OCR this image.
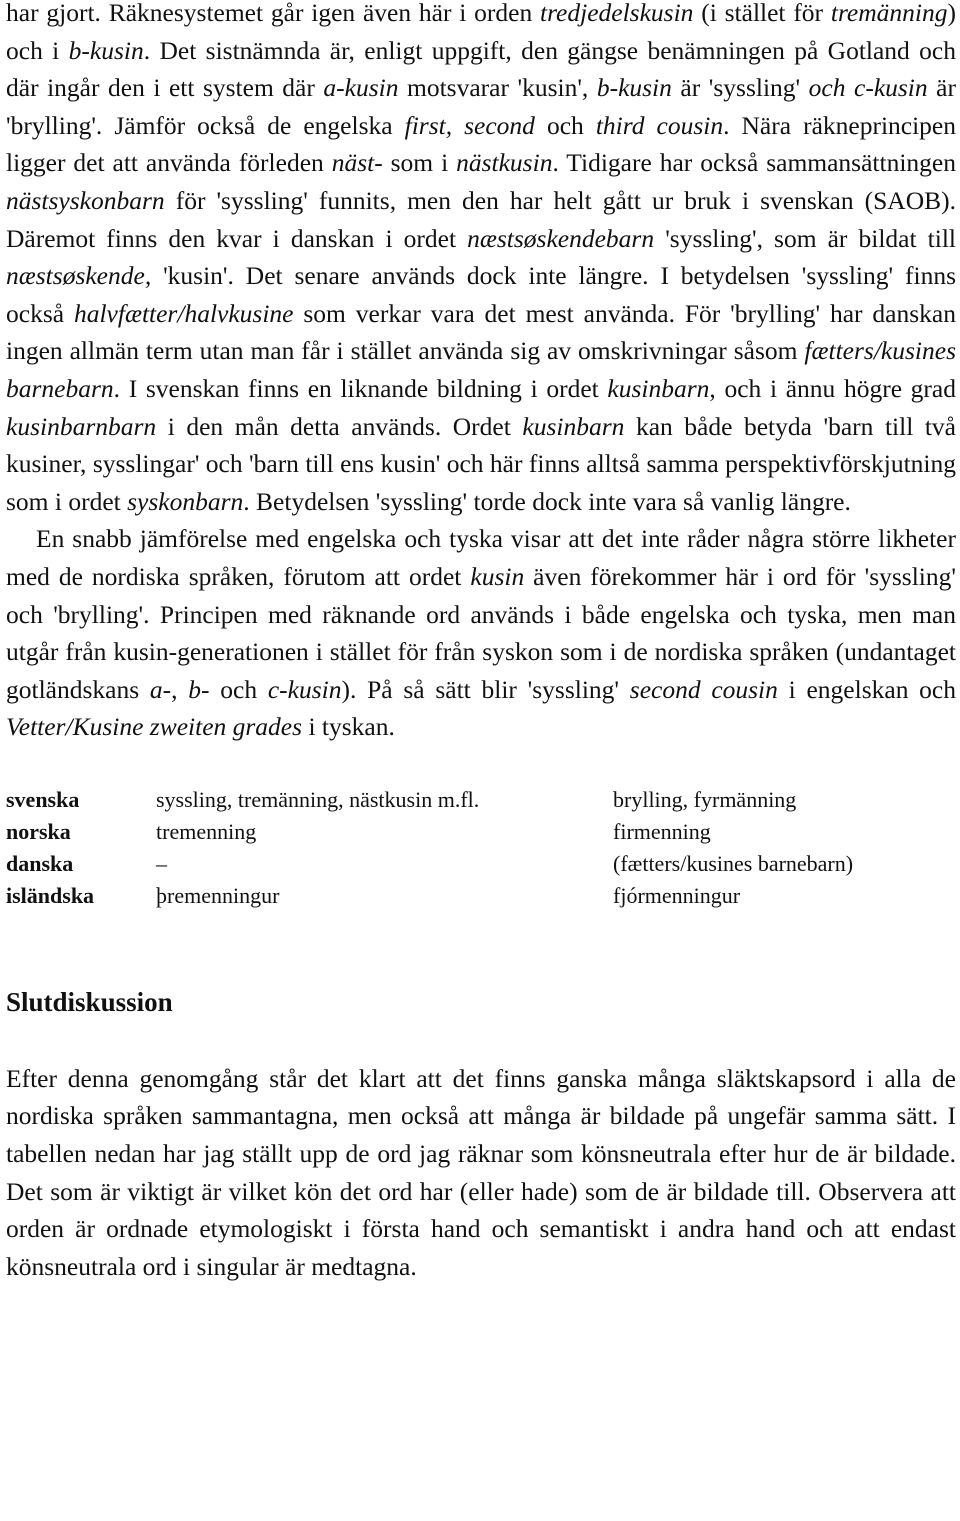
har gjort. Räknesystemet går igen även här i orden tredjedelskusin (i stället för tremänning) och i b-kusin. Det sistnämnda är, enligt uppgift, den gängse benämningen på Gotland och där ingår den i ett system där a-kusin motsvarar 'kusin', b-kusin är 'syssling' och c-kusin är 'brylling'. Jämför också de engelska first, second och third cousin. Nära räkneprincipen ligger det att använda förleden näst- som i nästkusin. Tidigare har också sammansättningen nästsyskonbarn för 'syssling' funnits, men den har helt gått ur bruk i svenskan (SAOB). Däremot finns den kvar i danskan i ordet næstsøskendebarn 'syssling', som är bildat till næstsøskende, 'kusin'. Det senare används dock inte längre. I betydelsen 'syssling' finns också halvfætter/halvkusine som verkar vara det mest använda. För 'brylling' har danskan ingen allmän term utan man får i stället använda sig av omskrivningar såsom fætters/kusines barnebarn. I svenskan finns en liknande bildning i ordet kusinbarn, och i ännu högre grad kusinbarnbarn i den mån detta används. Ordet kusinbarn kan både betyda 'barn till två kusiner, sysslingar' och 'barn till ens kusin' och här finns alltså samma perspektivförskjutning som i ordet syskonbarn. Betydelsen 'syssling' torde dock inte vara så vanlig längre.

En snabb jämförelse med engelska och tyska visar att det inte råder några större likheter med de nordiska språken, förutom att ordet kusin även förekommer här i ord för 'syssling' och 'brylling'. Principen med räknande ord används i både engelska och tyska, men man utgår från kusin-generationen i stället för från syskon som i de nordiska språken (undantaget gotländskans a-, b- och c-kusin). På så sätt blir 'syssling' second cousin i engelskan och Vetter/Kusine zweiten grades i tyskan.

svenska	syssling, tremänning, nästkusin m.fl.	brylling, fyrmänning
norska	tremenning	firmenning
danska	–	(fætters/kusines barnebarn)
isländska	þremenningur	fjórmenningur
Slutdiskussion

Efter denna genomgång står det klart att det finns ganska många släktskapsord i alla de nordiska språken sammantagna, men också att många är bildade på ungefär samma sätt. I tabellen nedan har jag ställt upp de ord jag räknar som könsneutrala efter hur de är bildade. Det som är viktigt är vilket kön det ord har (eller hade) som de är bildade till. Observera att orden är ordnade etymologiskt i första hand och semantiskt i andra hand och att endast könsneutrala ord i singular är medtagna.
